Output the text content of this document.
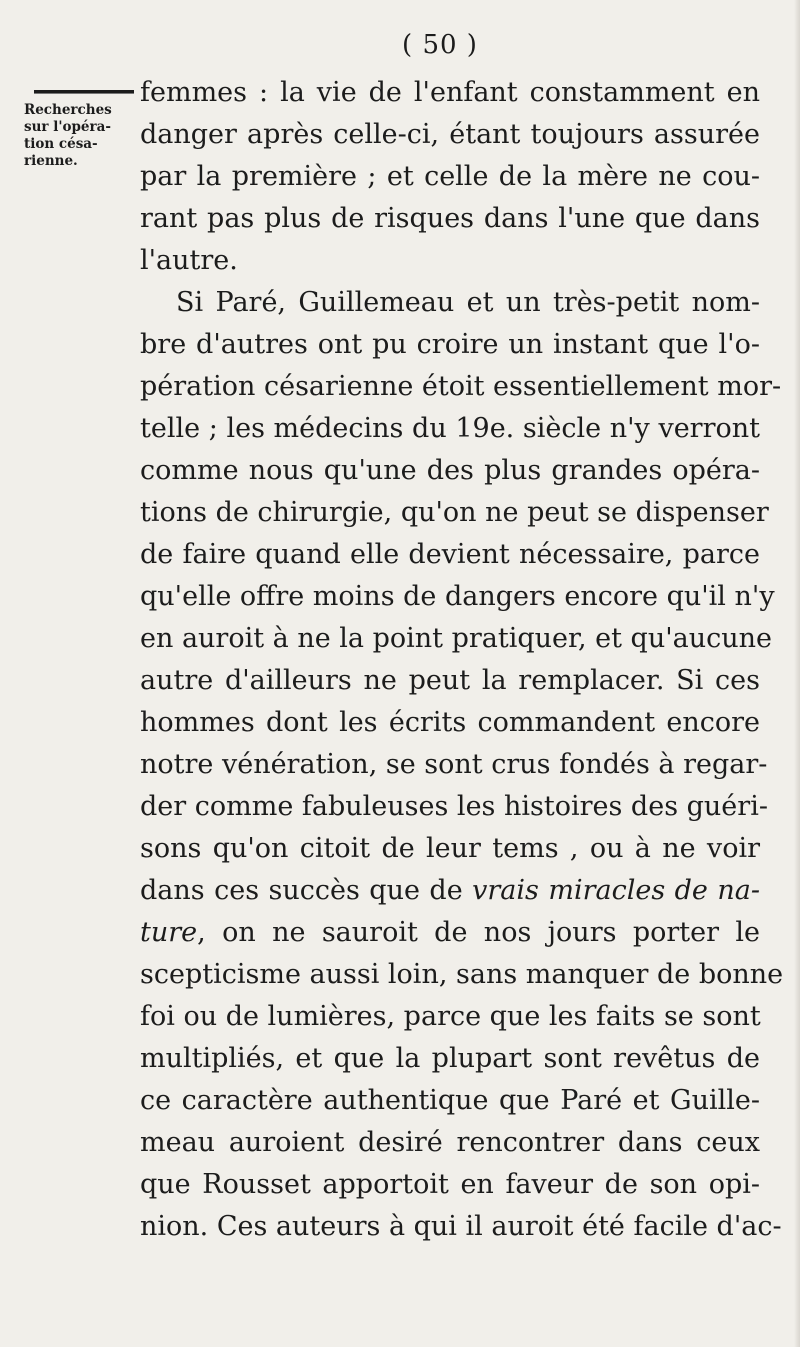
( 50 )
Recherches
sur l'opéra-
tion césa-
rienne.
femmes : la vie de l'enfant constamment en
danger après celle-ci, étant toujours assurée
par la première ; et celle de la mère ne cou-
rant pas plus de risques dans l'une que dans
l'autre.
Si Paré, Guillemeau et un très-petit nom-
bre d'autres ont pu croire un instant que l'o-
pération césarienne étoit essentiellement mor-
telle ; les médecins du 19e. siècle n'y verront
comme nous qu'une des plus grandes opéra-
tions de chirurgie, qu'on ne peut se dispenser
de faire quand elle devient nécessaire, parce
qu'elle offre moins de dangers encore qu'il n'y
en auroit à ne la point pratiquer, et qu'aucune
autre d'ailleurs ne peut la remplacer. Si ces
hommes dont les écrits commandent encore
notre vénération, se sont crus fondés à regar-
der comme fabuleuses les histoires des guéri-
sons qu'on citoit de leur tems , ou à ne voir
dans ces succès que de vrais miracles de na-
ture, on ne sauroit de nos jours porter le
scepticisme aussi loin, sans manquer de bonne
foi ou de lumières, parce que les faits se sont
multipliés, et que la plupart sont revêtus de
ce caractère authentique que Paré et Guille-
meau auroient desiré rencontrer dans ceux
que Rousset apportoit en faveur de son opi-
nion. Ces auteurs à qui il auroit été facile d'ac-
